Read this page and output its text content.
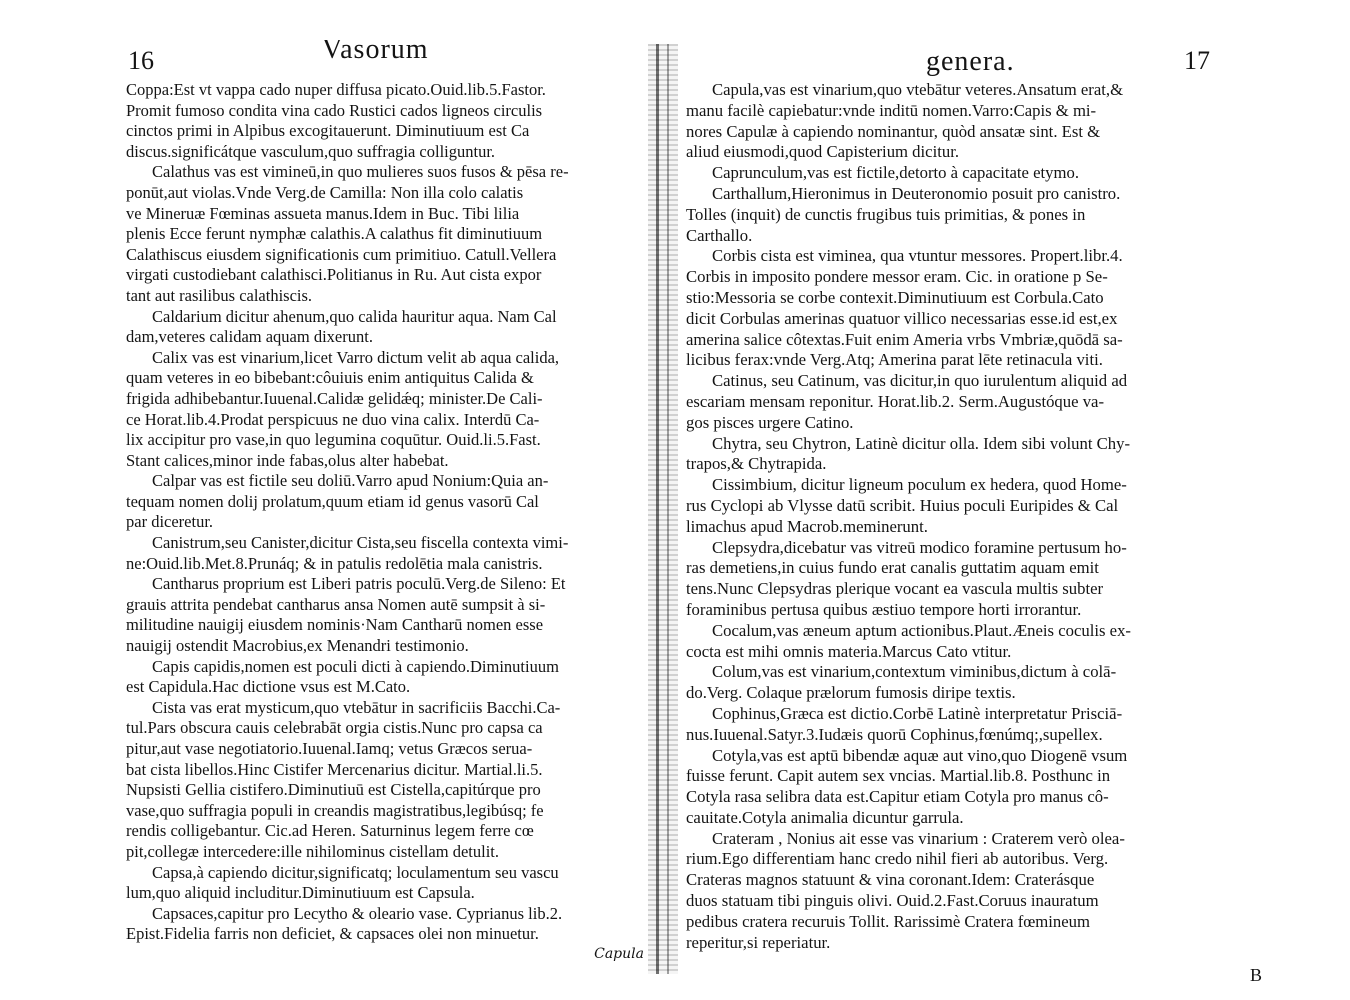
16	Vasorum
Coppa:Est vt vappa cado nuper diffusa picato.Ouid.lib.5.Fastor.
Promit fumoso condita vina cado Rustici cados ligneos circulis
cinctos primi in Alpibus excogitauerunt. Diminutiuum est Ca
discus.significátque vasculum,quo suffragia colliguntur.
Calathus vas est vimineū,in quo mulieres suos fusos & pēsa re-
ponūt,aut violas.Vnde Verg.de Camilla: Non illa colo calatis
ve Mineruæ Fœminas assueta manus.Idem in Buc. Tibi lilia
plenis Ecce ferunt nymphæ calathis.A calathus fit diminutiuum
Calathiscus eiusdem significationis cum primitiuo. Catull.Vellera
virgati custodiebant calathisci.Politianus in Ru. Aut cista expor
tant aut rasilibus calathiscis.
Caldarium dicitur ahenum,quo calida hauritur aqua. Nam Cal
dam,veteres calidam aquam dixerunt.
Calix vas est vinarium,licet Varro dictum velit ab aqua calida,
quam veteres in eo bibebant:côuiuis enim antiquitus Calida &
frigida adhibebantur.Iuuenal.Calidæ gelidǽq; minister.De Cali-
ce Horat.lib.4.Prodat perspicuus ne duo vina calix. Interdū Ca-
lix accipitur pro vase,in quo legumina coquūtur. Ouid.li.5.Fast.
Stant calices,minor inde fabas,olus alter habebat.
Calpar vas est fictile seu doliū.Varro apud Nonium:Quia an-
tequam nomen dolij prolatum,quum etiam id genus vasorū Cal
par diceretur.
Canistrum,seu Canister,dicitur Cista,seu fiscella contexta vimi-
ne:Ouid.lib.Met.8.Prunáq; & in patulis redolētia mala canistris.
Cantharus proprium est Liberi patris poculū.Verg.de Sileno: Et
grauis attrita pendebat cantharus ansa Nomen autē sumpsit à si-
militudine nauigij eiusdem nominis·Nam Cantharū nomen esse
nauigij ostendit Macrobius,ex Menandri testimonio.
Capis capidis,nomen est poculi dicti à capiendo.Diminutiuum
est Capidula.Hac dictione vsus est M.Cato.
Cista vas erat mysticum,quo vtebātur in sacrificiis Bacchi.Ca-
tul.Pars obscura cauis celebrabāt orgia cistis.Nunc pro capsa ca
pitur,aut vase negotiatorio.Iuuenal.Iamq; vetus Græcos serua-
bat cista libellos.Hinc Cistifer Mercenarius dicitur. Martial.li.5.
Nupsisti Gellia cistifero.Diminutiuū est Cistella,capitúrque pro
vase,quo suffragia populi in creandis magistratibus,legibúsq; fe
rendis colligebantur. Cic.ad Heren. Saturninus legem ferre cœ
pit,collegæ intercedere:ille nihilominus cistellam detulit.
Capsa,à capiendo dicitur,significatq; loculamentum seu vascu
lum,quo aliquid includitur.Diminutiuum est Capsula.
Capsaces,capitur pro Lecytho & oleario vase. Cyprianus lib.2.
Epist.Fidelia farris non deficiet, & capsaces olei non minuetur.
Capula
genera.	17
Capula,vas est vinarium,quo vtebātur veteres.Ansatum erat,&
manu facilè capiebatur:vnde inditū nomen.Varro:Capis & mi-
nores Capulæ à capiendo nominantur, quòd ansatæ sint. Est &
aliud eiusmodi,quod Capisterium dicitur.
Caprunculum,vas est fictile,detorto à capacitate etymo.
Carthallum,Hieronimus in Deuteronomio posuit pro canistro.
Tolles (inquit) de cunctis frugibus tuis primitias, & pones in
Carthallo.
Corbis cista est viminea, qua vtuntur messores. Propert.libr.4.
Corbis in imposito pondere messor eram. Cic. in oratione p Se-
stio:Messoria se corbe contexit.Diminutiuum est Corbula.Cato
dicit Corbulas amerinas quatuor villico necessarias esse.id est,ex
amerina salice côtextas.Fuit enim Ameria vrbs Vmbriæ,quōdā sa-
licibus ferax:vnde Verg.Atq; Amerina parat lēte retinacula viti.
Catinus, seu Catinum, vas dicitur,in quo iurulentum aliquid ad
escariam mensam reponitur. Horat.lib.2. Serm.Augustóque va-
gos pisces urgere Catino.
Chytra, seu Chytron, Latinè dicitur olla. Idem sibi volunt Chy-
trapos,& Chytrapida.
Cissimbium, dicitur ligneum poculum ex hedera, quod Home-
rus Cyclopi ab Vlysse datū scribit. Huius poculi Euripides & Cal
limachus apud Macrob.meminerunt.
Clepsydra,dicebatur vas vitreū modico foramine pertusum ho-
ras demetiens,in cuius fundo erat canalis guttatim aquam emit
tens.Nunc Clepsydras plerique vocant ea vascula multis subter
foraminibus pertusa quibus æstiuo tempore horti irrorantur.
Cocalum,vas æneum aptum actionibus.Plaut.Æneis coculis ex-
cocta est mihi omnis materia.Marcus Cato vtitur.
Colum,vas est vinarium,contextum viminibus,dictum à colā-
do.Verg. Colaque prælorum fumosis diripe textis.
Cophinus,Græca est dictio.Corbē Latinè interpretatur Prisciā-
nus.Iuuenal.Satyr.3.Iudæis quorū Cophinus,fœnúmq;,supellex.
Cotyla,vas est aptū bibendæ aquæ aut vino,quo Diogenē vsum
fuisse ferunt. Capit autem sex vncias. Martial.lib.8. Posthunc in
Cotyla rasa selibra data est.Capitur etiam Cotyla pro manus cô-
cauitate.Cotyla animalia dicuntur garrula.
Crateram , Nonius ait esse vas vinarium : Craterem verò olea-
rium.Ego differentiam hanc credo nihil fieri ab autoribus. Verg.
Crateras magnos statuunt & vina coronant.Idem: Craterásque
duos statuam tibi pinguis olivi. Ouid.2.Fast.Coruus inauratum
pedibus cratera recuruis Tollit. Rarissimè Cratera fœmineum
reperitur,si reperiatur.
B
